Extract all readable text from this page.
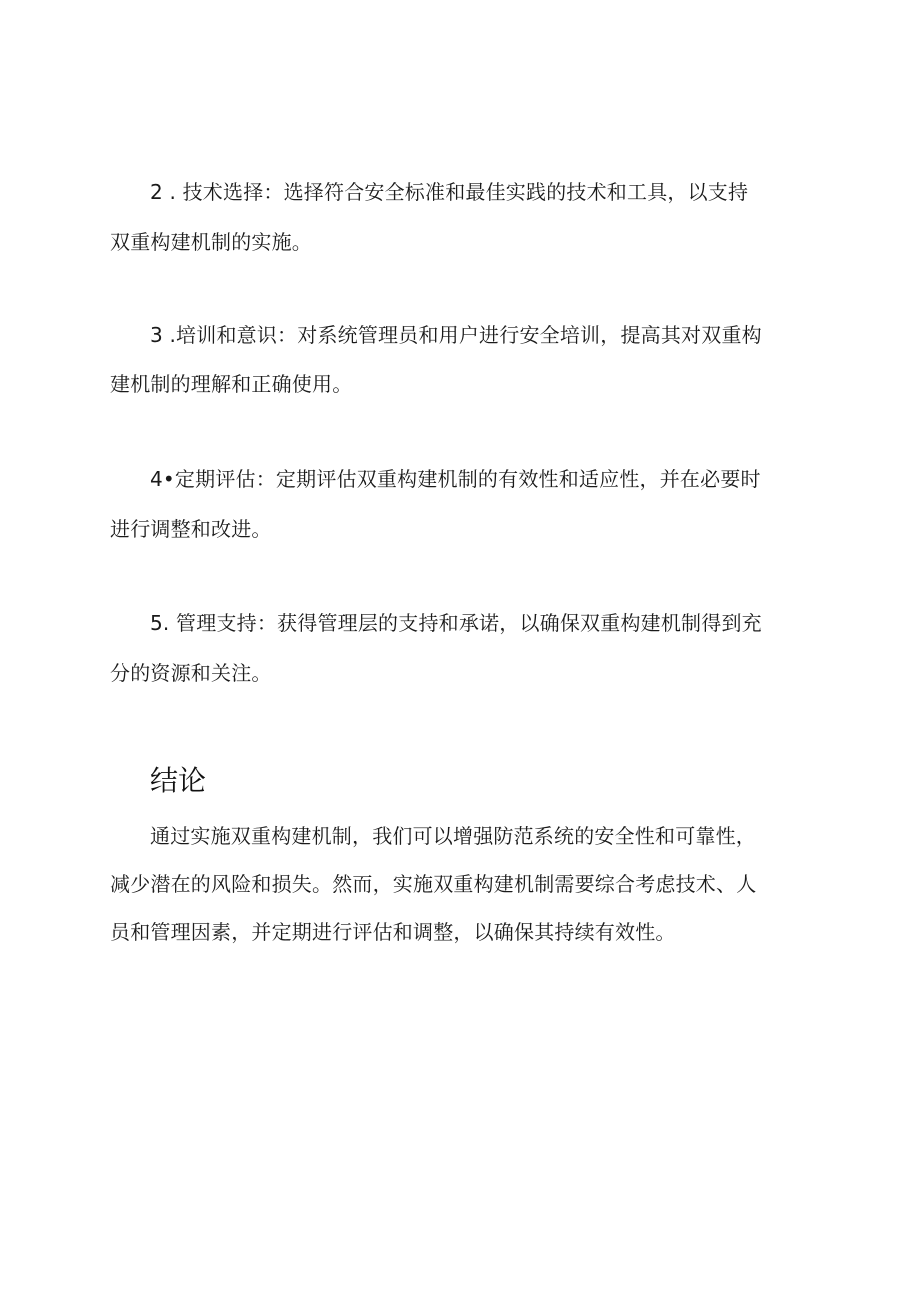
2 . 技术选择：选择符合安全标准和最佳实践的技术和工具，以支持
双重构建机制的实施。
3 .培训和意识：对系统管理员和用户进行安全培训，提高其对双重构
建机制的理解和正确使用。
4•定期评估：定期评估双重构建机制的有效性和适应性，并在必要时
进行调整和改进。
5. 管理支持：获得管理层的支持和承诺，以确保双重构建机制得到充
分的资源和关注。
结论
通过实施双重构建机制，我们可以增强防范系统的安全性和可靠性，
减少潜在的风险和损失。然而，实施双重构建机制需要综合考虑技术、人
员和管理因素，并定期进行评估和调整，以确保其持续有效性。
